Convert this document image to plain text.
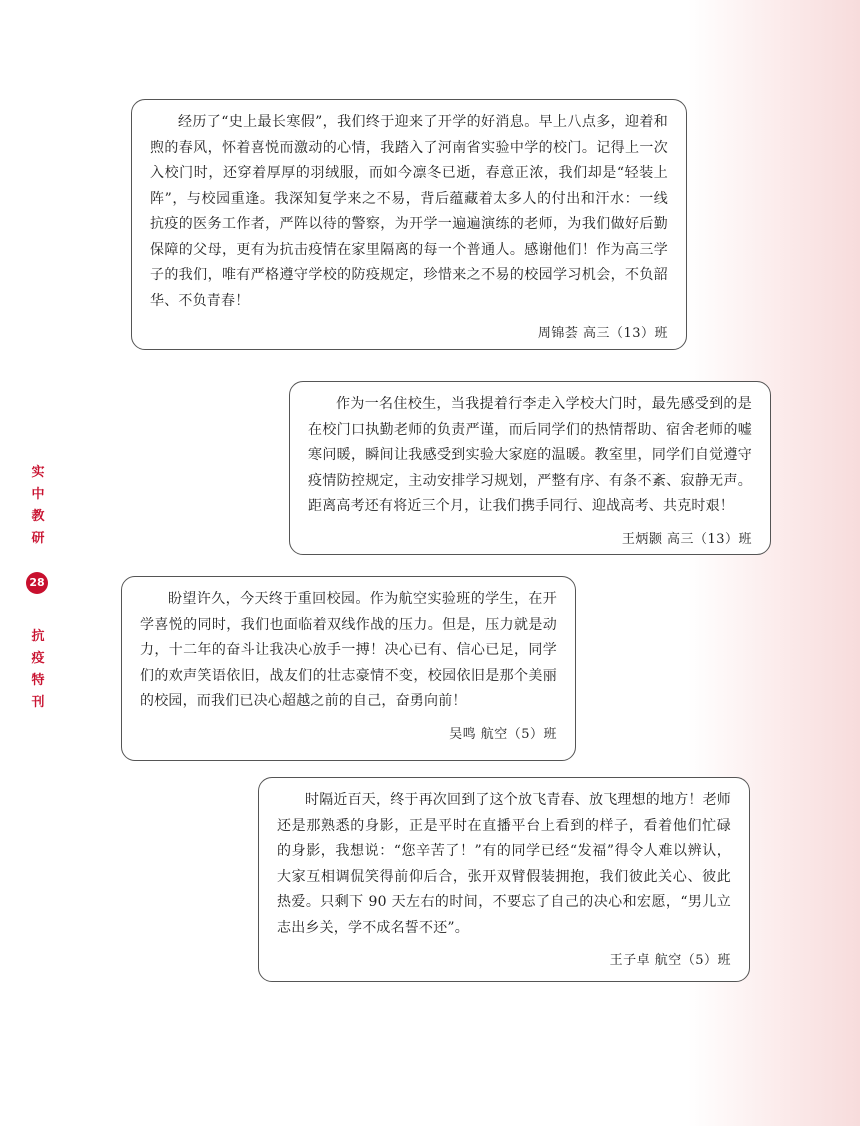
实
中
教
研
28
抗
疫
特
刊

经历了“史上最长寒假”，我们终于迎来了开学的好消息。早上八点多，迎着和煦的春风，怀着喜悦而激动的心情，我踏入了河南省实验中学的校门。记得上一次入校门时，还穿着厚厚的羽绒服，而如今凛冬已逝，春意正浓，我们却是“轻装上阵”，与校园重逢。我深知复学来之不易，背后蕴藏着太多人的付出和汗水：一线抗疫的医务工作者，严阵以待的警察，为开学一遍遍演练的老师，为我们做好后勤保障的父母，更有为抗击疫情在家里隔离的每一个普通人。感谢他们！作为高三学子的我们，唯有严格遵守学校的防疫规定，珍惜来之不易的校园学习机会，不负韶华、不负青春！

周锦荟 高三（13）班

作为一名住校生，当我提着行李走入学校大门时，最先感受到的是在校门口执勤老师的负责严谨，而后同学们的热情帮助、宿舍老师的嘘寒问暖，瞬间让我感受到实验大家庭的温暖。教室里，同学们自觉遵守疫情防控规定，主动安排学习规划，严整有序、有条不紊、寂静无声。距离高考还有将近三个月，让我们携手同行、迎战高考、共克时艰！

王炳颢 高三（13）班

盼望许久，今天终于重回校园。作为航空实验班的学生，在开学喜悦的同时，我们也面临着双线作战的压力。但是，压力就是动力，十二年的奋斗让我决心放手一搏！决心已有、信心已足，同学们的欢声笑语依旧，战友们的壮志豪情不变，校园依旧是那个美丽的校园，而我们已决心超越之前的自己，奋勇向前！

吴鸣 航空（5）班

时隔近百天，终于再次回到了这个放飞青春、放飞理想的地方！老师还是那熟悉的身影，正是平时在直播平台上看到的样子，看着他们忙碌的身影，我想说：“您辛苦了！”有的同学已经“发福”得令人难以辨认，大家互相调侃笑得前仰后合，张开双臂假装拥抱，我们彼此关心、彼此热爱。只剩下 90 天左右的时间，不要忘了自己的决心和宏愿，“男儿立志出乡关，学不成名誓不还”。

王子卓 航空（5）班
